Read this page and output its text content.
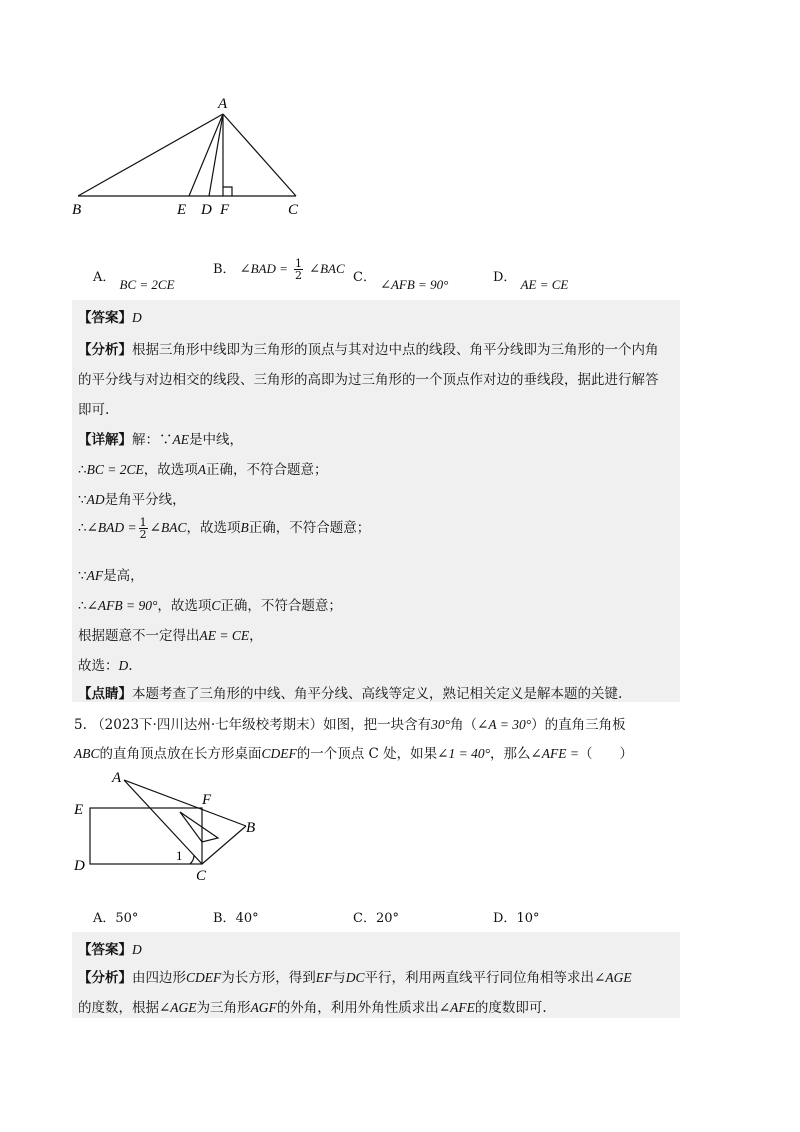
A
B	E D F	C
A． BC = 2CE
B． ∠BAD = $\frac{1}{2}$ ∠BAC
C． ∠AFB = 90°	D． AE = CE
【答案】D
【分析】根据三角形中线即为三角形的顶点与其对边中点的线段、角平分线即为三角形的一个内角
的平分线与对边相交的线段、三角形的高即为过三角形的一个顶点作对边的垂线段，据此进行解答
即可.
【详解】解：∵AE是中线，
∴BC = 2CE，故选项A正确，不符合题意；
∵AD是角平分线，
∴∠BAD = $\frac{1}{2}$ ∠BAC，故选项B正确，不符合题意；
∵AF是高，
∴∠AFB = 90°，故选项C正确，不符合题意；
根据题意不一定得出AE = CE，
故选：D.
【点睛】本题考查了三角形的中线、角平分线、高线等定义，熟记相关定义是解本题的关键.
5. （2023下·四川达州·七年级校考期末）如图，把一块含有30°角（∠A = 30°）的直角三角板
ABC的直角顶点放在长方形桌面CDEF的一个顶点 C 处，如果∠1 = 40°，那么∠AFE =（　　）
A
E
F
B
D
C
1
A．50°	B．40°	C．20°	D．10°
【答案】D
【分析】由四边形CDEF为长方形，得到EF与DC平行，利用两直线平行同位角相等求出∠AGE
的度数，根据∠AGE为三角形AGF的外角，利用外角性质求出∠AFE的度数即可.
